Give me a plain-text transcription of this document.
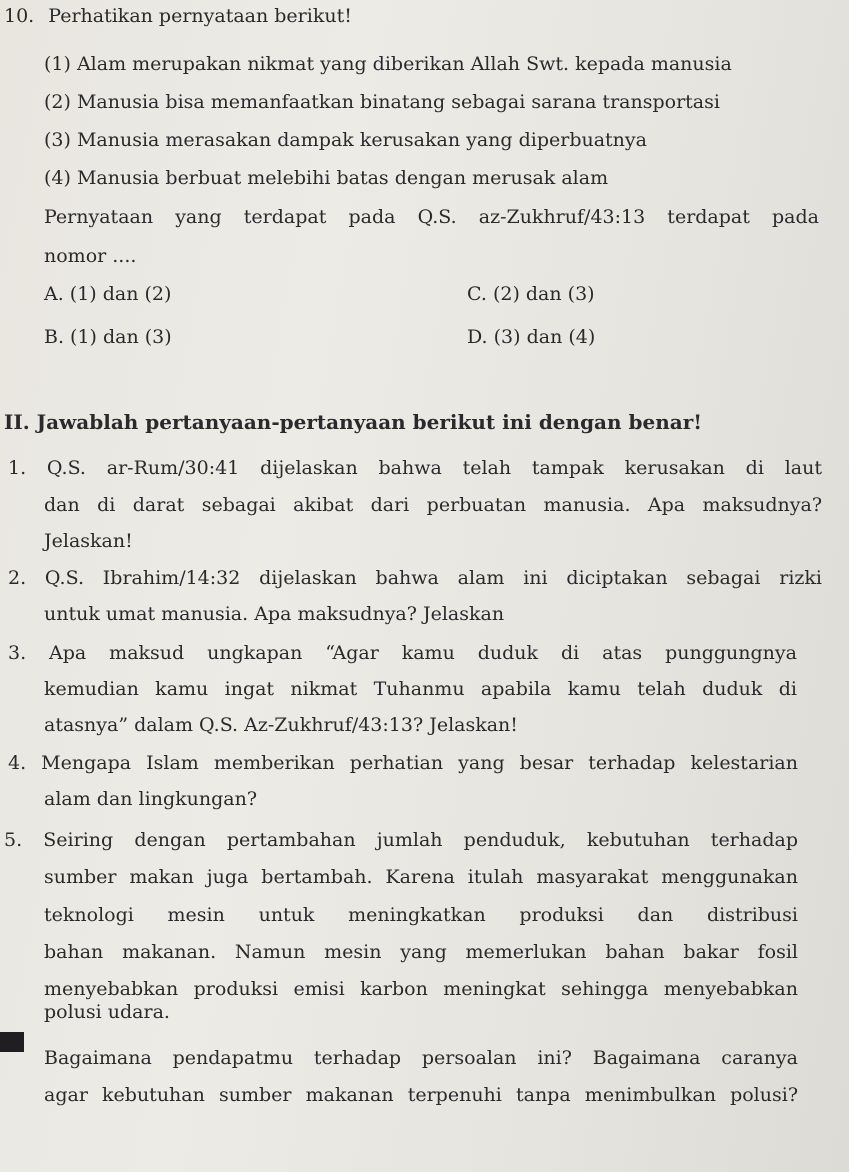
10. Perhatikan pernyataan berikut!
(1) Alam merupakan nikmat yang diberikan Allah Swt. kepada manusia
(2) Manusia bisa memanfaatkan binatang sebagai sarana transportasi
(3) Manusia merasakan dampak kerusakan yang diperbuatnya
(4) Manusia berbuat melebihi batas dengan merusak alam
Pernyataan yang terdapat pada Q.S. az-Zukhruf/43:13 terdapat pada
nomor ....
A. (1) dan (2)	C. (2) dan (3)
B. (1) dan (3)	D. (3) dan (4)
II. Jawablah pertanyaan-pertanyaan berikut ini dengan benar!
1. Q.S. ar-Rum/30:41 dijelaskan bahwa telah tampak kerusakan di laut
dan di darat sebagai akibat dari perbuatan manusia. Apa maksudnya?
Jelaskan!
2. Q.S. Ibrahim/14:32 dijelaskan bahwa alam ini diciptakan sebagai rizki
untuk umat manusia. Apa maksudnya? Jelaskan
3. Apa maksud ungkapan “Agar kamu duduk di atas punggungnya
kemudian kamu ingat nikmat Tuhanmu apabila kamu telah duduk di
atasnya” dalam Q.S. Az-Zukhruf/43:13? Jelaskan!
4. Mengapa Islam memberikan perhatian yang besar terhadap kelestarian
alam dan lingkungan?
5. Seiring dengan pertambahan jumlah penduduk, kebutuhan terhadap
sumber makan juga bertambah. Karena itulah masyarakat menggunakan
teknologi mesin untuk meningkatkan produksi dan distribusi
bahan makanan. Namun mesin yang memerlukan bahan bakar fosil
menyebabkan produksi emisi karbon meningkat sehingga menyebabkan
polusi udara.
Bagaimana pendapatmu terhadap persoalan ini? Bagaimana caranya
agar kebutuhan sumber makanan terpenuhi tanpa menimbulkan polusi?
